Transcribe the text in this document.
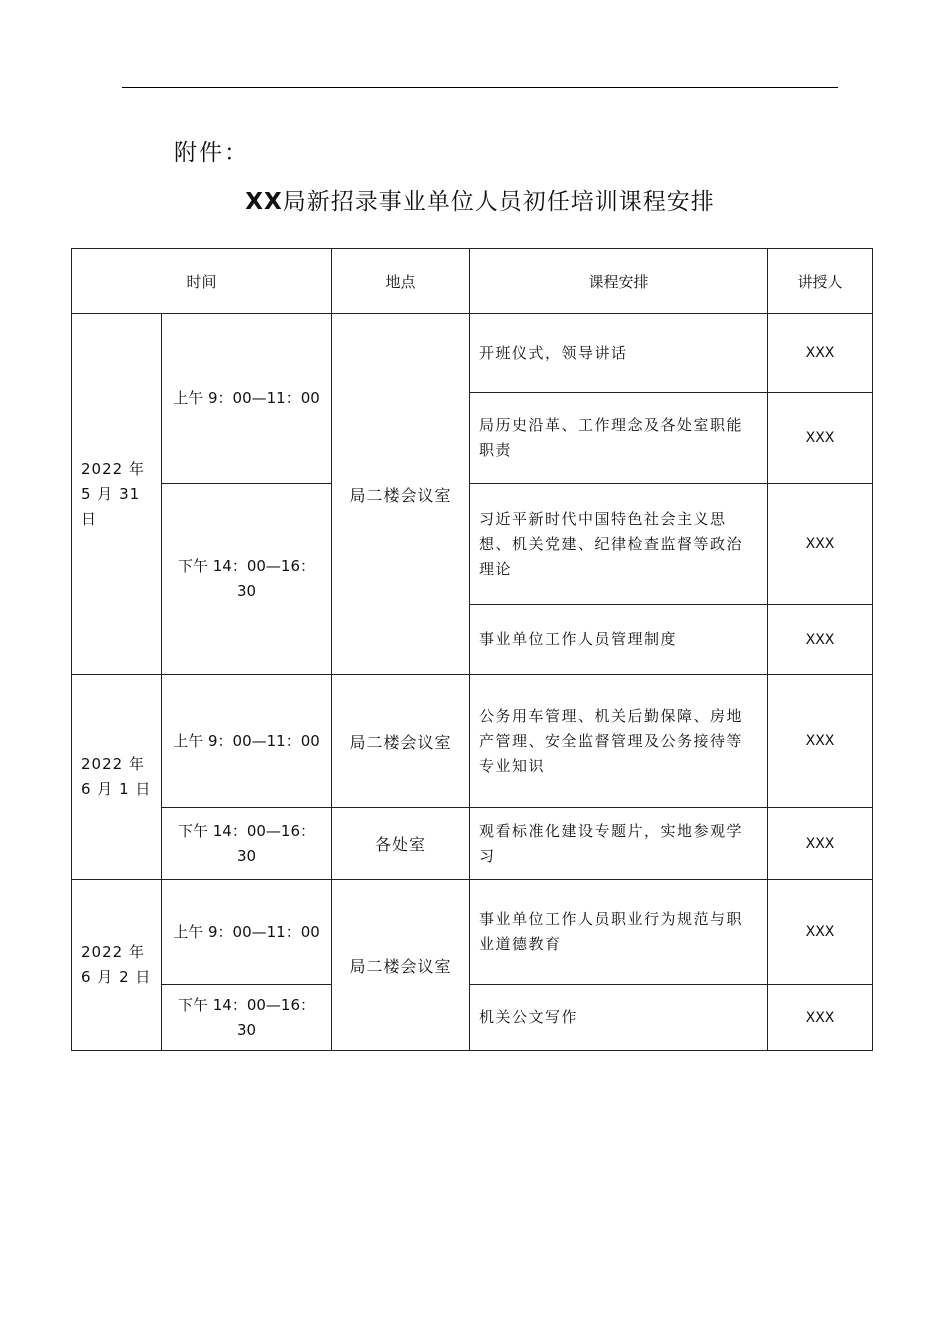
附件：
XX局新招录事业单位人员初任培训课程安排
时间		地点	课程安排	讲授人
2022 年 5 月 31 日	上午 9：00—11：00	局二楼会议室	开班仪式，领导讲话	XXX
			局历史沿革、工作理念及各处室职能职责	XXX
	下午 14：00—16：30		习近平新时代中国特色社会主义思想、机关党建、纪律检查监督等政治理论	XXX
			事业单位工作人员管理制度	XXX
2022 年 6 月 1 日	上午 9：00—11：00	局二楼会议室	公务用车管理、机关后勤保障、房地产管理、安全监督管理及公务接待等专业知识	XXX
	下午 14：00—16：30	各处室	观看标准化建设专题片，实地参观学习	XXX
2022 年 6 月 2 日	上午 9：00—11：00	局二楼会议室	事业单位工作人员职业行为规范与职业道德教育	XXX
	下午 14：00—16：30		机关公文写作	XXX
